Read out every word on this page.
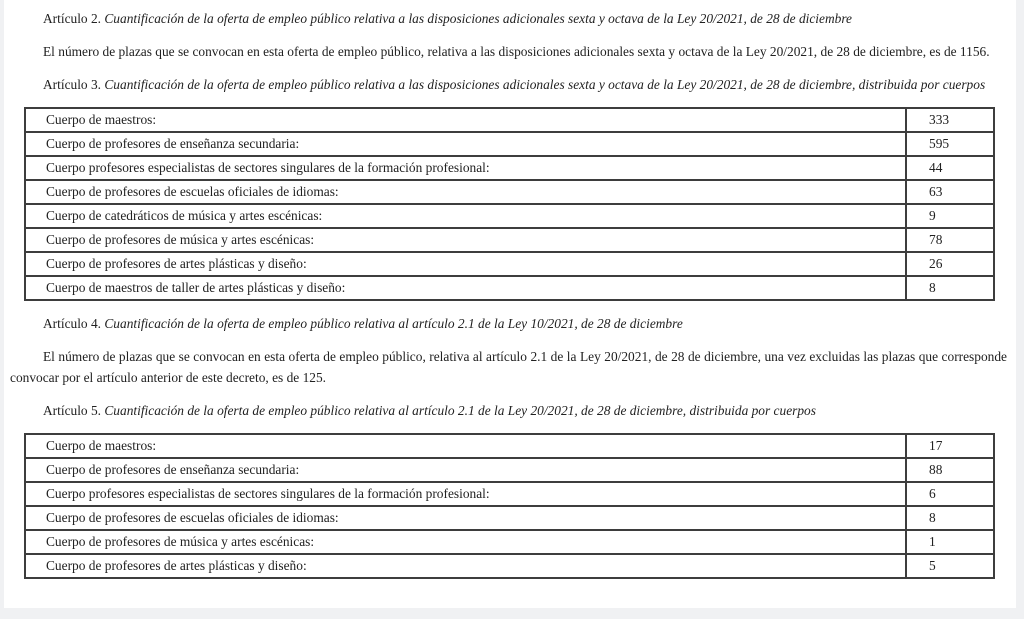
Artículo 2. Cuantificación de la oferta de empleo público relativa a las disposiciones adicionales sexta y octava de la Ley 20/2021, de 28 de diciembre

El número de plazas que se convocan en esta oferta de empleo público, relativa a las disposiciones adicionales sexta y octava de la Ley 20/2021, de 28 de diciembre, es de 1156.

Artículo 3. Cuantificación de la oferta de empleo público relativa a las disposiciones adicionales sexta y octava de la Ley 20/2021, de 28 de diciembre, distribuida por cuerpos

Cuerpo de maestros:	333
Cuerpo de profesores de enseñanza secundaria:	595
Cuerpo profesores especialistas de sectores singulares de la formación profesional:	44
Cuerpo de profesores de escuelas oficiales de idiomas:	63
Cuerpo de catedráticos de música y artes escénicas:	9
Cuerpo de profesores de música y artes escénicas:	78
Cuerpo de profesores de artes plásticas y diseño:	26
Cuerpo de maestros de taller de artes plásticas y diseño:	8

Artículo 4. Cuantificación de la oferta de empleo público relativa al artículo 2.1 de la Ley 10/2021, de 28 de diciembre

El número de plazas que se convocan en esta oferta de empleo público, relativa al artículo 2.1 de la Ley 20/2021, de 28 de diciembre, una vez excluidas las plazas que corresponde convocar por el artículo anterior de este decreto, es de 125.

Artículo 5. Cuantificación de la oferta de empleo público relativa al artículo 2.1 de la Ley 20/2021, de 28 de diciembre, distribuida por cuerpos

Cuerpo de maestros:	17
Cuerpo de profesores de enseñanza secundaria:	88
Cuerpo profesores especialistas de sectores singulares de la formación profesional:	6
Cuerpo de profesores de escuelas oficiales de idiomas:	8
Cuerpo de profesores de música y artes escénicas:	1
Cuerpo de profesores de artes plásticas y diseño:	5
